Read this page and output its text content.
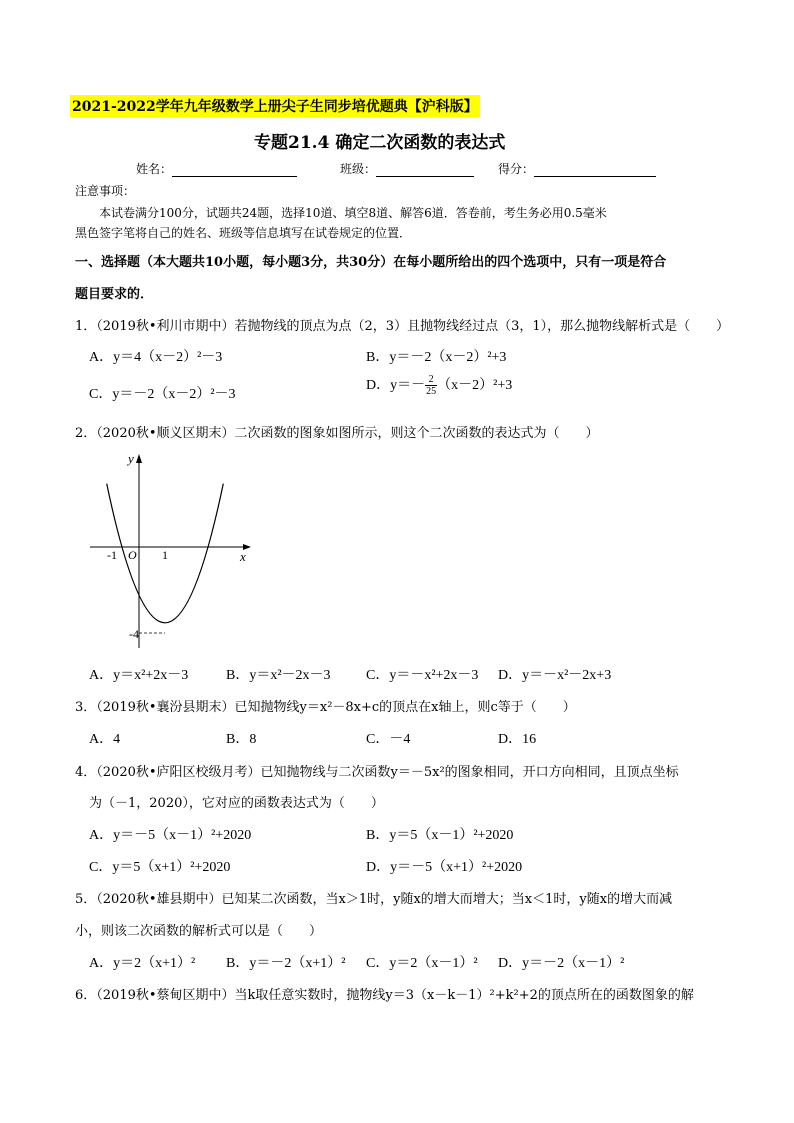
2021-2022学年九年级数学上册尖子生同步培优题典【沪科版】
专题21.4 确定二次函数的表达式
姓名：	班级：	得分：
注意事项：
本试卷满分100分，试题共24题，选择10道、填空8道、解答6道．答卷前，考生务必用0.5毫米
黑色签字笔将自己的姓名、班级等信息填写在试卷规定的位置．
一、选择题（本大题共10小题，每小题3分，共30分）在每小题所给出的四个选项中，只有一项是符合
题目要求的．
1．（2019秋•利川市期中）若抛物线的顶点为点（2，3）且抛物线经过点（3，1），那么抛物线解析式是（　　）
A．y＝4（x－2）²－3	B．y＝－2（x－2）²+3
C．y＝－2（x－2）²－3
D．$y=- \frac{2}{25} (x-2)^2+3$
2．（2020秋•顺义区期末）二次函数的图象如图所示，则这个二次函数的表达式为（　　）
y
x
O
-1	1
-4
A．y＝x²+2x－3	B．y＝x²－2x－3	C．y＝－x²+2x－3 D．y＝－x²－2x+3
3．（2019秋•襄汾县期末）已知抛物线y＝x²－8x+c的顶点在x轴上，则c等于（　　）
A．4	B．8	C．－4	D．16
4．（2020秋•庐阳区校级月考）已知抛物线与二次函数y＝－5x²的图象相同，开口方向相同，且顶点坐标
为（－1，2020），它对应的函数表达式为（　　）
A．y＝－5（x－1）²+2020	B．y＝5（x－1）²+2020
C．y＝5（x+1）²+2020	D．y＝－5（x+1）²+2020
5．（2020秋•雄县期中）已知某二次函数，当x＞1时，y随x的增大而增大；当x＜1时，y随x的增大而减
小，则该二次函数的解析式可以是（　　）
A．y＝2（x+1）² B．y＝－2（x+1）² C．y＝2（x－1）² D．y＝－2（x－1）²
6．（2019秋•蔡甸区期中）当k取任意实数时，抛物线y＝3（x－k－1）²+k²+2的顶点所在的函数图象的解
